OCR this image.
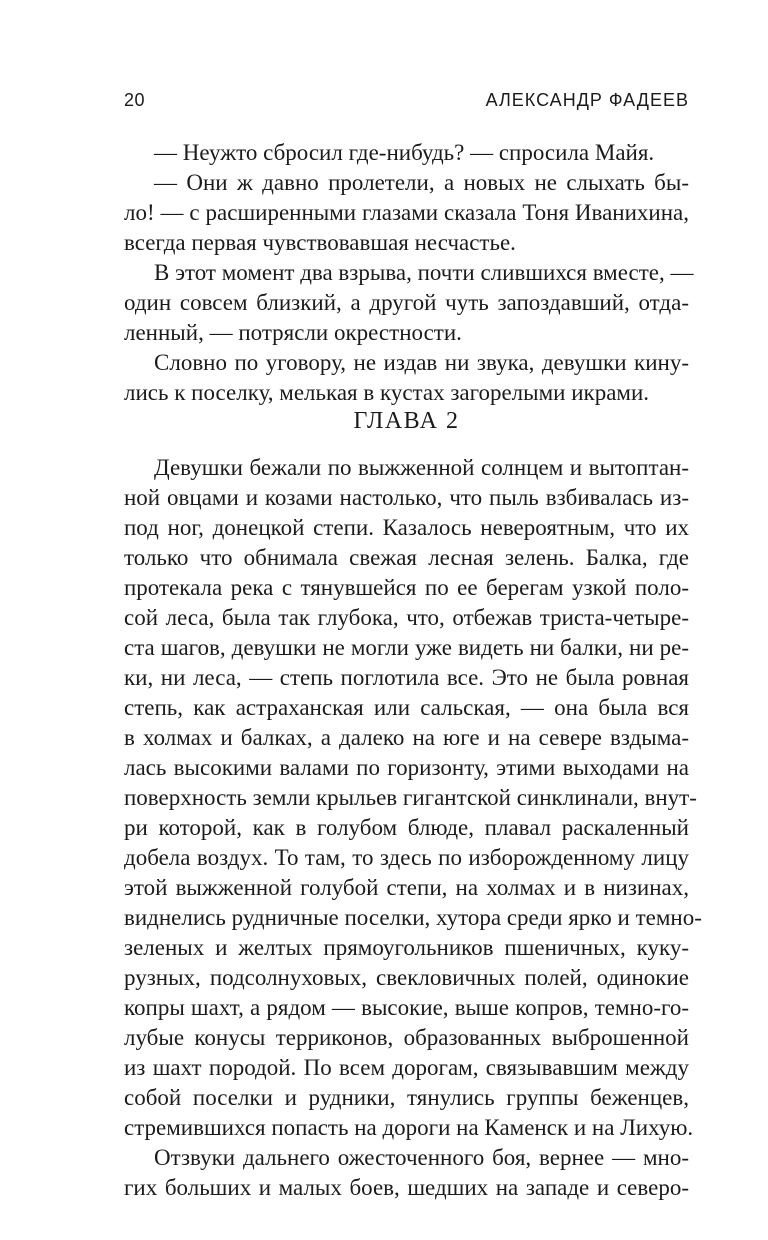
20	АЛЕКСАНДР ФАДЕЕВ
— Неужто сбросил где-нибудь? — спросила Майя.
— Они ж давно пролетели, а новых не слыхать бы-
ло! — с расширенными глазами сказала Тоня Иванихина,
всегда первая чувствовавшая несчастье.
В этот момент два взрыва, почти слившихся вместе, —
один совсем близкий, а другой чуть запоздавший, отда-
ленный, — потрясли окрестности.
Словно по уговору, не издав ни звука, девушки кину-
лись к поселку, мелькая в кустах загорелыми икрами.
ГЛАВА 2
Девушки бежали по выжженной солнцем и вытоптан-
ной овцами и козами настолько, что пыль взбивалась из-
под ног, донецкой степи. Казалось невероятным, что их
только что обнимала свежая лесная зелень. Балка, где
протекала река с тянувшейся по ее берегам узкой поло-
сой леса, была так глубока, что, отбежав триста-четыре-
ста шагов, девушки не могли уже видеть ни балки, ни ре-
ки, ни леса, — степь поглотила все. Это не была ровная
степь, как астраханская или сальская, — она была вся
в холмах и балках, а далеко на юге и на севере вздыма-
лась высокими валами по горизонту, этими выходами на
поверхность земли крыльев гигантской синклинали, внут-
ри которой, как в голубом блюде, плавал раскаленный
добела воздух. То там, то здесь по изборожденному лицу
этой выжженной голубой степи, на холмах и в низинах,
виднелись рудничные поселки, хутора среди ярко и темно-
зеленых и желтых прямоугольников пшеничных, куку-
рузных, подсолнуховых, свекловичных полей, одинокие
копры шахт, а рядом — высокие, выше копров, темно-го-
лубые конусы терриконов, образованных выброшенной
из шахт породой. По всем дорогам, связывавшим между
собой поселки и рудники, тянулись группы беженцев,
стремившихся попасть на дороги на Каменск и на Лихую.
Отзвуки дальнего ожесточенного боя, вернее — мно-
гих больших и малых боев, шедших на западе и северо-
